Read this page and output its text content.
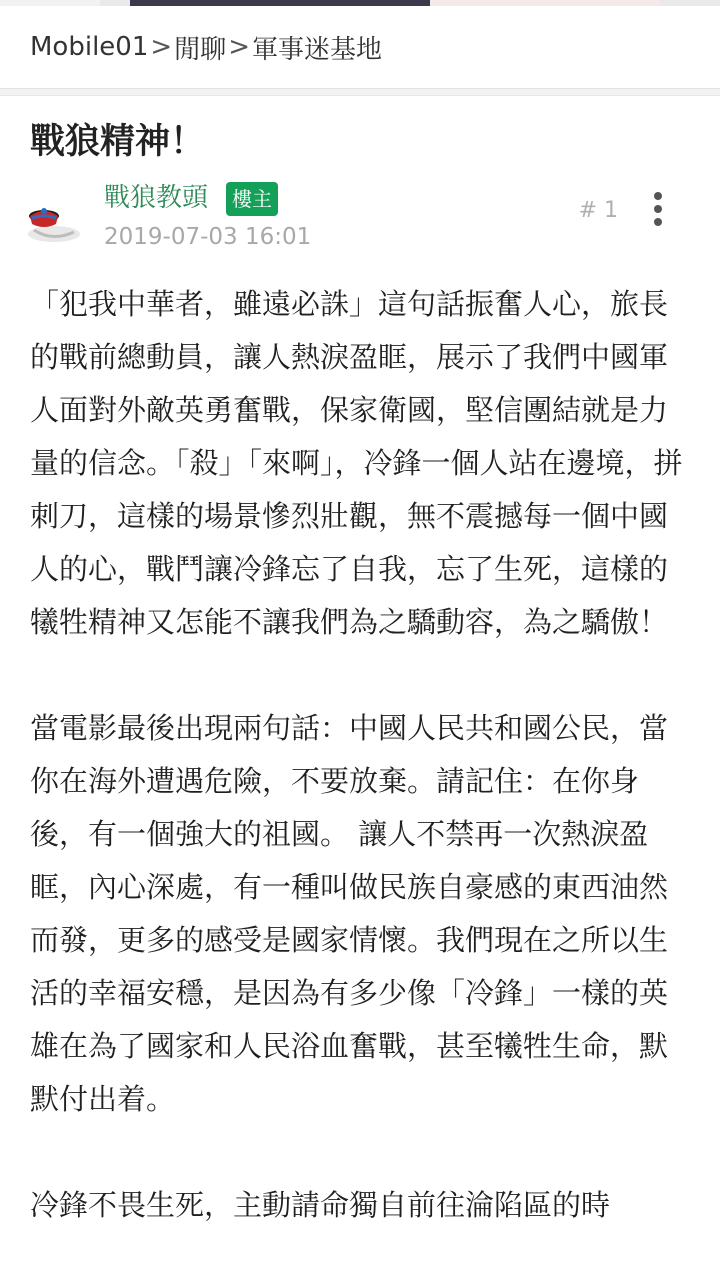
Mobile01 > 閒聊 > 軍事迷基地
戰狼精神！
戰狼教頭	樓主
2019-07-03 16:01
# 1

「犯我中華者，雖遠必誅」這句話振奮人心，旅長的戰前總動員，讓人熱淚盈眶，展示了我們中國軍人面對外敵英勇奮戰，保家衛國，堅信團結就是力量的信念。「殺」「來啊」，冷鋒一個人站在邊境，拼刺刀，這樣的場景慘烈壯觀，無不震撼每一個中國人的心，戰鬥讓冷鋒忘了自我，忘了生死，這樣的犧牲精神又怎能不讓我們為之驕動容，為之驕傲！

當電影最後出現兩句話：中國人民共和國公民，當你在海外遭遇危險，不要放棄。請記住：在你身後，有一個強大的祖國。 讓人不禁再一次熱淚盈眶，內心深處，有一種叫做民族自豪感的東西油然而發，更多的感受是國家情懷。我們現在之所以生活的幸福安穩，是因為有多少像「冷鋒」一樣的英雄在為了國家和人民浴血奮戰，甚至犧牲生命，默默付出着。

冷鋒不畏生死，主動請命獨自前往淪陷區的時
